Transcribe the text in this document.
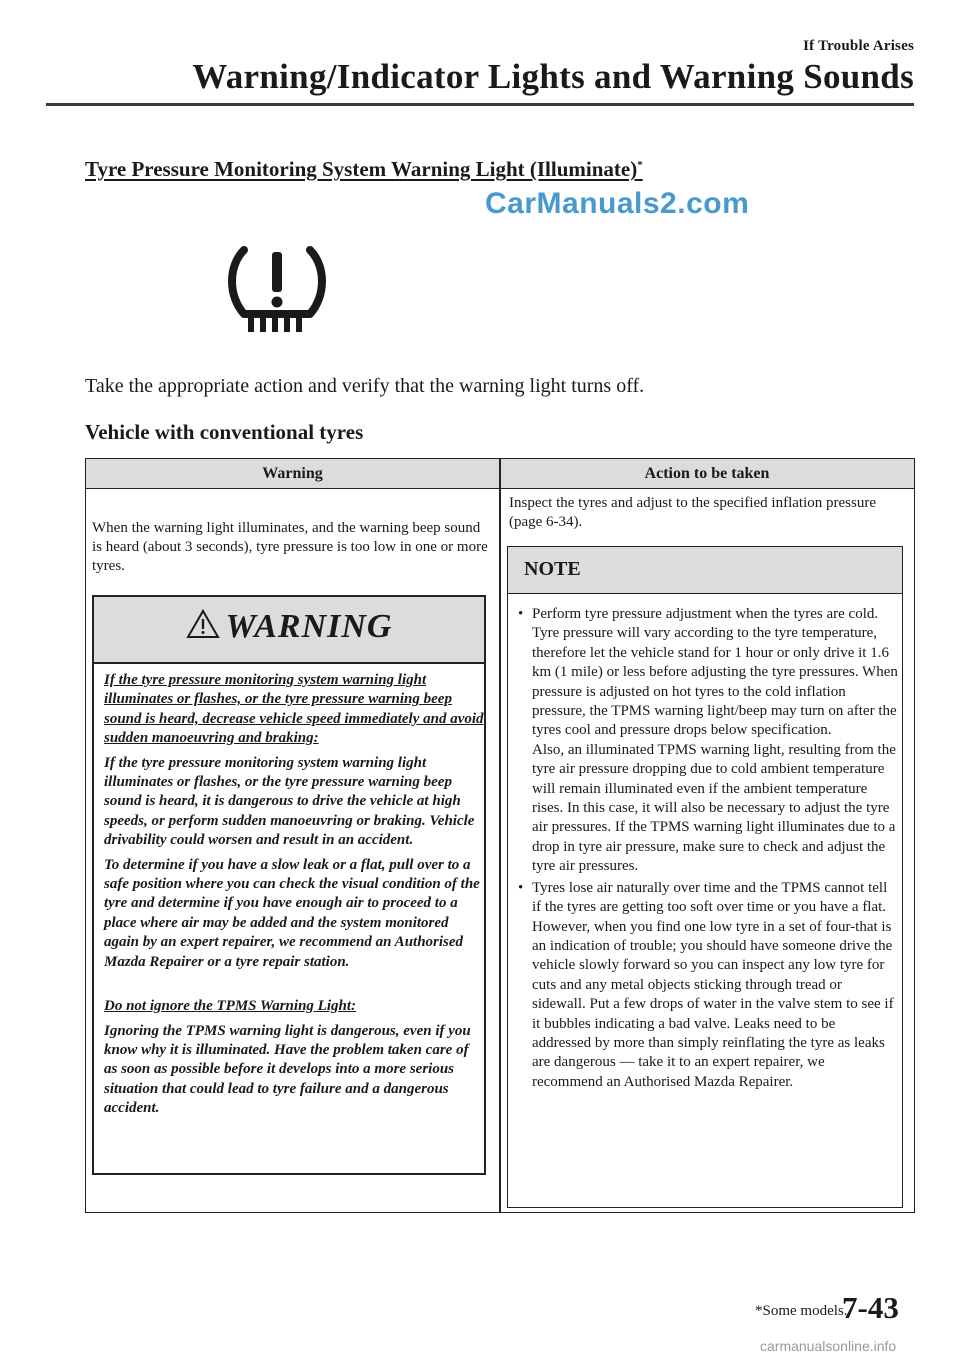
If Trouble Arises
Warning/Indicator Lights and Warning Sounds
Tyre Pressure Monitoring System Warning Light (Illuminate)*
CarManuals2.com
Take the appropriate action and verify that the warning light turns off.
Vehicle with conventional tyres
Warning	Action to be taken
When the warning light illuminates, and the warning beep sound is heard (about 3 seconds), tyre pressure is too low in one or more tyres.
Inspect the tyres and adjust to the specified inflation pressure (page 6-34).
WARNING

If the tyre pressure monitoring system warning light illuminates or flashes, or the tyre pressure warning beep sound is heard, decrease vehicle speed immediately and avoid sudden manoeuvring and braking:

If the tyre pressure monitoring system warning light illuminates or flashes, or the tyre pressure warning beep sound is heard, it is dangerous to drive the vehicle at high speeds, or perform sudden manoeuvring or braking. Vehicle drivability could worsen and result in an accident.

To determine if you have a slow leak or a flat, pull over to a safe position where you can check the visual condition of the tyre and determine if you have enough air to proceed to a place where air may be added and the system monitored again by an expert repairer, we recommend an Authorised Mazda Repairer or a tyre repair station.

Do not ignore the TPMS Warning Light:

Ignoring the TPMS warning light is dangerous, even if you know why it is illuminated. Have the problem taken care of as soon as possible before it develops into a more serious situation that could lead to tyre failure and a dangerous accident.

NOTE
• Perform tyre pressure adjustment when the tyres are cold. Tyre pressure will vary according to the tyre temperature, therefore let the vehicle stand for 1 hour or only drive it 1.6 km (1 mile) or less before adjusting the tyre pressures. When pressure is adjusted on hot tyres to the cold inflation pressure, the TPMS warning light/beep may turn on after the tyres cool and pressure drops below specification.

Also, an illuminated TPMS warning light, resulting from the tyre air pressure dropping due to cold ambient temperature will remain illuminated even if the ambient temperature rises. In this case, it will also be necessary to adjust the tyre air pressures. If the TPMS warning light illuminates due to a drop in tyre air pressure, make sure to check and adjust the tyre air pressures.

• Tyres lose air naturally over time and the TPMS cannot tell if the tyres are getting too soft over time or you have a flat. However, when you find one low tyre in a set of four-that is an indication of trouble; you should have someone drive the vehicle slowly forward so you can inspect any low tyre for cuts and any metal objects sticking through tread or sidewall. Put a few drops of water in the valve stem to see if it bubbles indicating a bad valve. Leaks need to be addressed by more than simply reinflating the tyre as leaks are dangerous — take it to an expert repairer, we recommend an Authorised Mazda Repairer.

*Some models.
7-43
carmanualsonline.info
